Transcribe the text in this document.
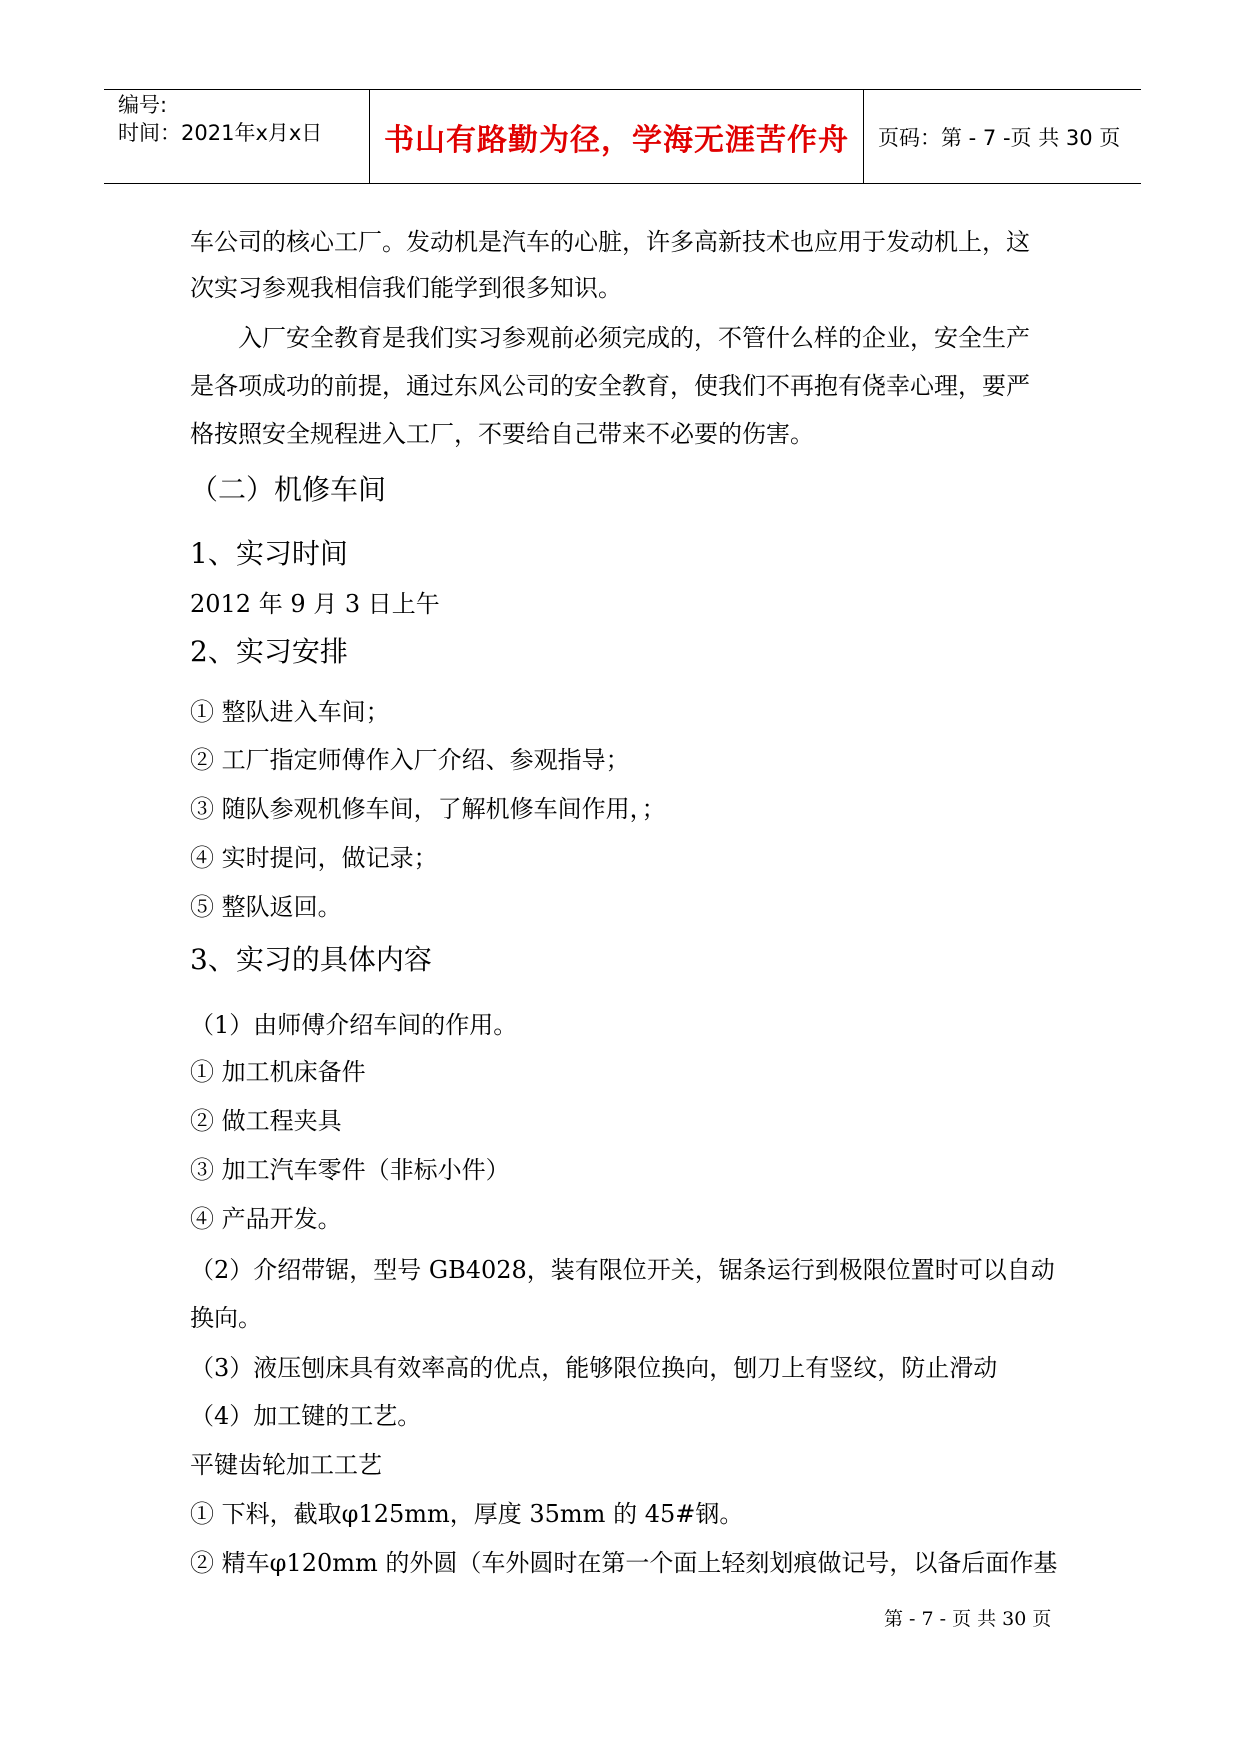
编号:
时间：2021年x月x日	书山有路勤为径，学海无涯苦作舟	页码：第 - 7 -页 共 30 页
车公司的核心工厂。发动机是汽车的心脏，许多高新技术也应用于发动机上，这
次实习参观我相信我们能学到很多知识。
入厂安全教育是我们实习参观前必须完成的，不管什么样的企业，安全生产
是各项成功的前提，通过东风公司的安全教育，使我们不再抱有侥幸心理，要严
格按照安全规程进入工厂，不要给自己带来不必要的伤害。
（二）机修车间
1、实习时间
2012 年 9 月 3 日上午
2、实习安排
① 整队进入车间；
② 工厂指定师傅作入厂介绍、参观指导；
③ 随队参观机修车间，了解机修车间作用，；
④ 实时提问，做记录；
⑤ 整队返回。
3、实习的具体内容
（1）由师傅介绍车间的作用。
① 加工机床备件
② 做工程夹具
③ 加工汽车零件（非标小件）
④ 产品开发。
（2）介绍带锯，型号 GB4028，装有限位开关，锯条运行到极限位置时可以自动
换向。
（3）液压刨床具有效率高的优点，能够限位换向，刨刀上有竖纹，防止滑动
（4）加工键的工艺。
平键齿轮加工工艺
① 下料，截取φ125mm，厚度 35mm 的 45#钢。
② 精车φ120mm 的外圆（车外圆时在第一个面上轻刻划痕做记号，以备后面作基
第 - 7 - 页 共 30 页
